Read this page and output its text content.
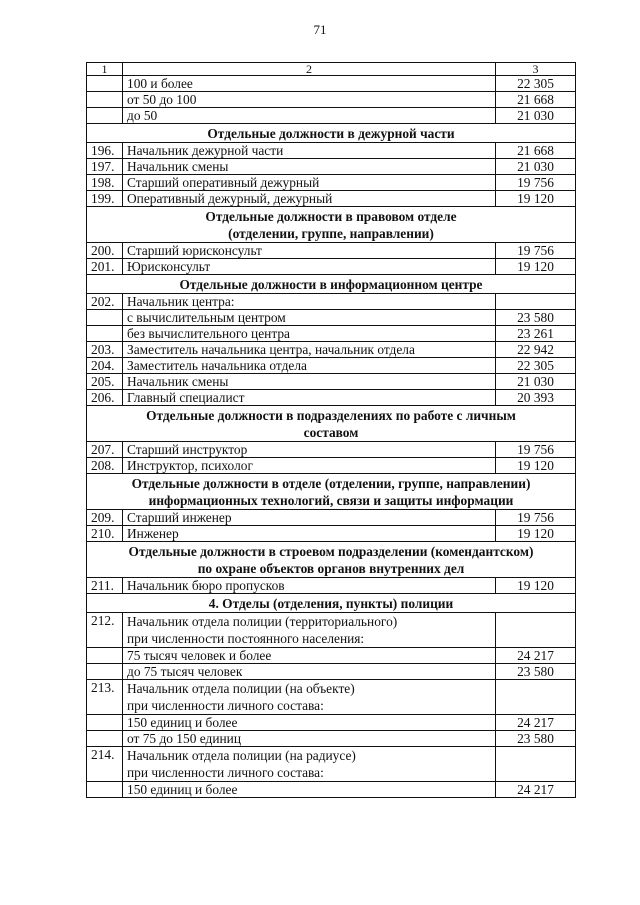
71
1	2	3
	100 и более	22 305
	от 50 до 100	21 668
	до 50	21 030

Отдельные должности в дежурной части		

196.	Начальник дежурной части	21 668
197.	Начальник смены	21 030
198.	Старший оперативный дежурный	19 756
199.	Оперативный дежурный, дежурный	19 120

Отдельные должности в правовом отделе
(отделении, группе, направлении)		

200.	Старший юрисконсульт	19 756
201.	Юрисконсульт	19 120

Отдельные должности в информационном центре		

202.	Начальник центра:	
	с вычислительным центром	23 580
	без вычислительного центра	23 261
203.	Заместитель начальника центра, начальник отдела	22 942
204.	Заместитель начальника отдела	22 305
205.	Начальник смены	21 030
206.	Главный специалист	20 393

Отдельные должности в подразделениях по работе с личным
составом		

207.	Старший инструктор	19 756
208.	Инструктор, психолог	19 120

Отдельные должности в отделе (отделении, группе, направлении)
информационных технологий, связи и защиты информации		

209.	Старший инженер	19 756
210.	Инженер	19 120

Отдельные должности в строевом подразделении (комендантском)
по охране объектов органов внутренних дел		

211.	Начальник бюро пропусков	19 120

4. Отделы (отделения, пункты) полиции		

212.	Начальник отдела полиции (территориального)
при численности постоянного населения:	

	75 тысяч человек и более	24 217
	до 75 тысяч человек	23 580
213.	Начальник отдела полиции (на объекте)
при численности личного состава:	

	150 единиц и более	24 217
	от 75 до 150 единиц	23 580
214.	Начальник отдела полиции (на радиусе)
при численности личного состава:	

	150 единиц и более	24 217
